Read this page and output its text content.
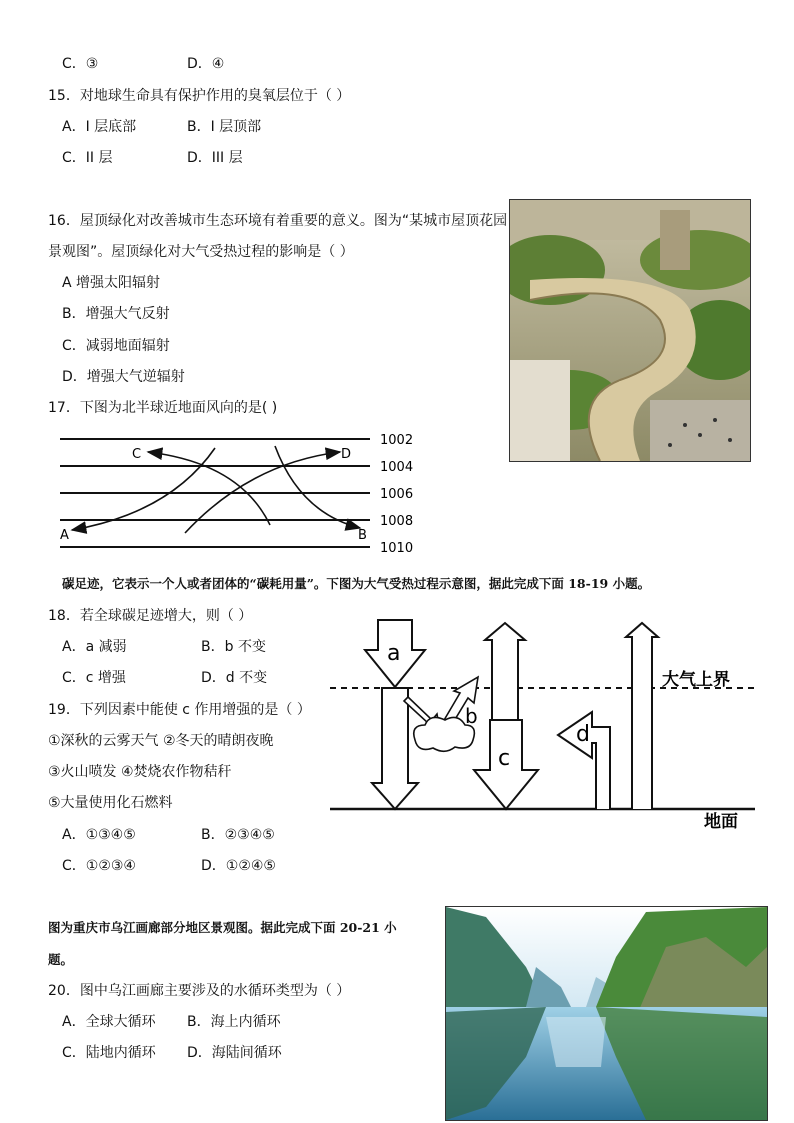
C．③	D．④
15．对地球生命具有保护作用的臭氧层位于（ ）
A．I 层底部	B．I 层顶部
C．II 层	D．III 层
16．屋顶绿化对改善城市生态环境有着重要的意义。图为“某城市屋顶花园
景观图”。屋顶绿化对大气受热过程的影响是（ ）
A 增强太阳辐射
B．增强大气反射
C．减弱地面辐射
D．增强大气逆辐射
17．下图为北半球近地面风向的是( )
1002
1004
1006
1008
1010
C	D
A	B
碳足迹，它表示一个人或者团体的“碳耗用量”。下图为大气受热过程示意图，据此完成下面 18-19 小题。
18．若全球碳足迹增大，则（ ）
A．a 减弱	B．b 不变
C．c 增强	D．d 不变
19．下列因素中能使 c 作用增强的是（ ）
①深秋的云雾天气 ②冬天的晴朗夜晚
③火山喷发 ④焚烧农作物秸秆
⑤大量使用化石燃料
A．①③④⑤	B．②③④⑤
C．①②③④	D．①②④⑤
a
b
c
d
大气上界
地面
图为重庆市乌江画廊部分地区景观图。据此完成下面 20-21 小
题。
20．图中乌江画廊主要涉及的水循环类型为（ ）
A．全球大循环 B．海上内循环
C．陆地内循环 D．海陆间循环
